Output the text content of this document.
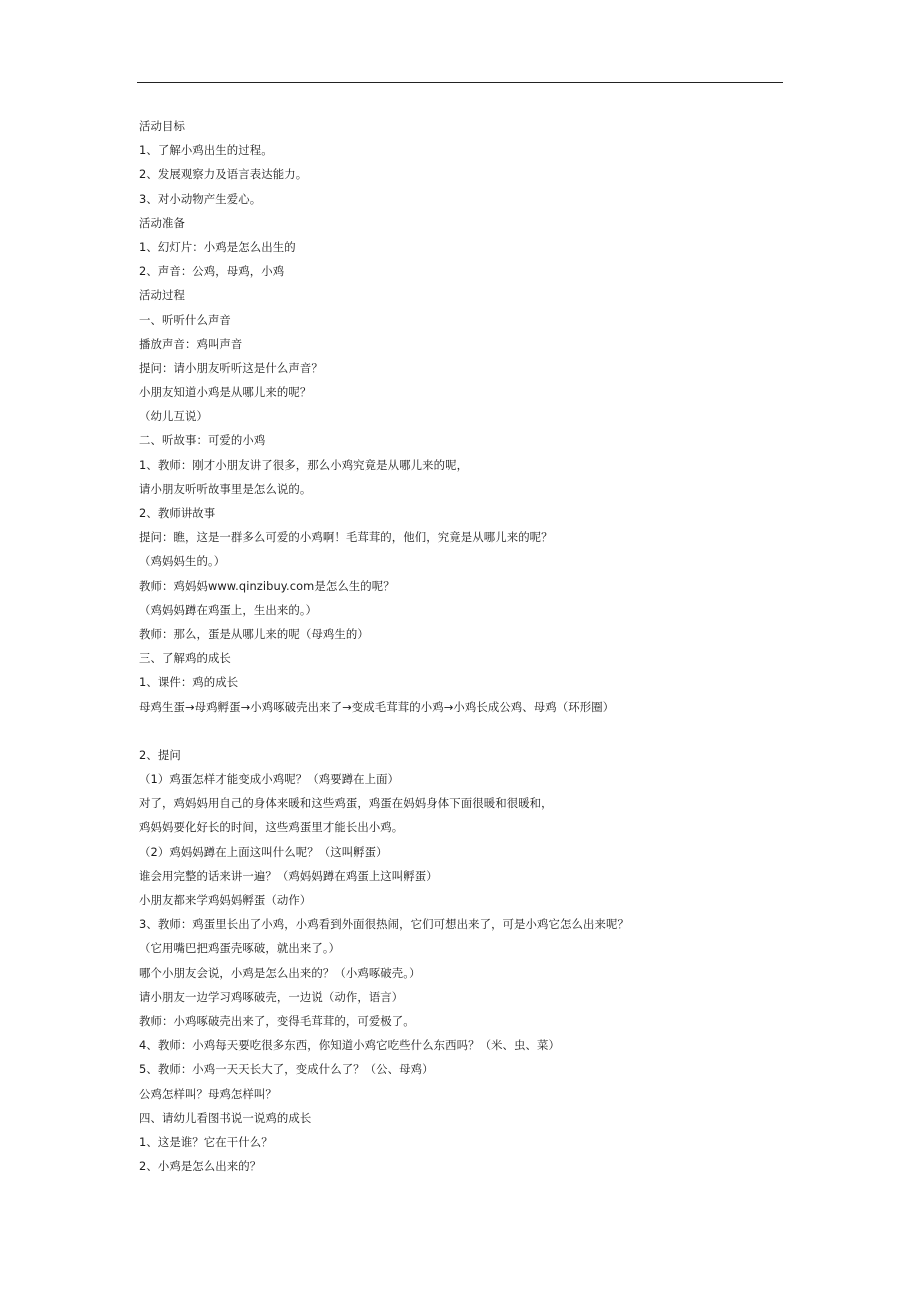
活动目标
1、了解小鸡出生的过程。
2、发展观察力及语言表达能力。
3、对小动物产生爱心。
活动准备
1、幻灯片：小鸡是怎么出生的
2、声音：公鸡，母鸡，小鸡
活动过程
一、听听什么声音
播放声音：鸡叫声音
提问：请小朋友听听这是什么声音？
小朋友知道小鸡是从哪儿来的呢？
（幼儿互说）
二、听故事：可爱的小鸡
1、教师：刚才小朋友讲了很多，那么小鸡究竟是从哪儿来的呢，
请小朋友听听故事里是怎么说的。
2、教师讲故事
提问：瞧，这是一群多么可爱的小鸡啊！毛茸茸的，他们，究竟是从哪儿来的呢？
（鸡妈妈生的。）
教师：鸡妈妈www.qinzibuy.com是怎么生的呢？
（鸡妈妈蹲在鸡蛋上，生出来的。）
教师：那么，蛋是从哪儿来的呢（母鸡生的）
三、了解鸡的成长
1、课件：鸡的成长
母鸡生蛋→母鸡孵蛋→小鸡啄破壳出来了→变成毛茸茸的小鸡→小鸡长成公鸡、母鸡（环形圈）
2、提问
（1）鸡蛋怎样才能变成小鸡呢？（鸡要蹲在上面）
对了，鸡妈妈用自己的身体来暖和这些鸡蛋，鸡蛋在妈妈身体下面很暖和很暖和，
鸡妈妈要化好长的时间，这些鸡蛋里才能长出小鸡。
（2）鸡妈妈蹲在上面这叫什么呢？（这叫孵蛋）
谁会用完整的话来讲一遍？（鸡妈妈蹲在鸡蛋上这叫孵蛋）
小朋友都来学鸡妈妈孵蛋（动作）
3、教师：鸡蛋里长出了小鸡，小鸡看到外面很热闹，它们可想出来了，可是小鸡它怎么出来呢？
（它用嘴巴把鸡蛋壳啄破，就出来了。）
哪个小朋友会说，小鸡是怎么出来的？（小鸡啄破壳。）
请小朋友一边学习鸡啄破壳，一边说（动作，语言）
教师：小鸡啄破壳出来了，变得毛茸茸的，可爱极了。
4、教师：小鸡每天要吃很多东西，你知道小鸡它吃些什么东西吗？（米、虫、菜）
5、教师：小鸡一天天长大了，变成什么了？（公、母鸡）
公鸡怎样叫？母鸡怎样叫？
四、请幼儿看图书说一说鸡的成长
1、这是谁？它在干什么？
2、小鸡是怎么出来的？
